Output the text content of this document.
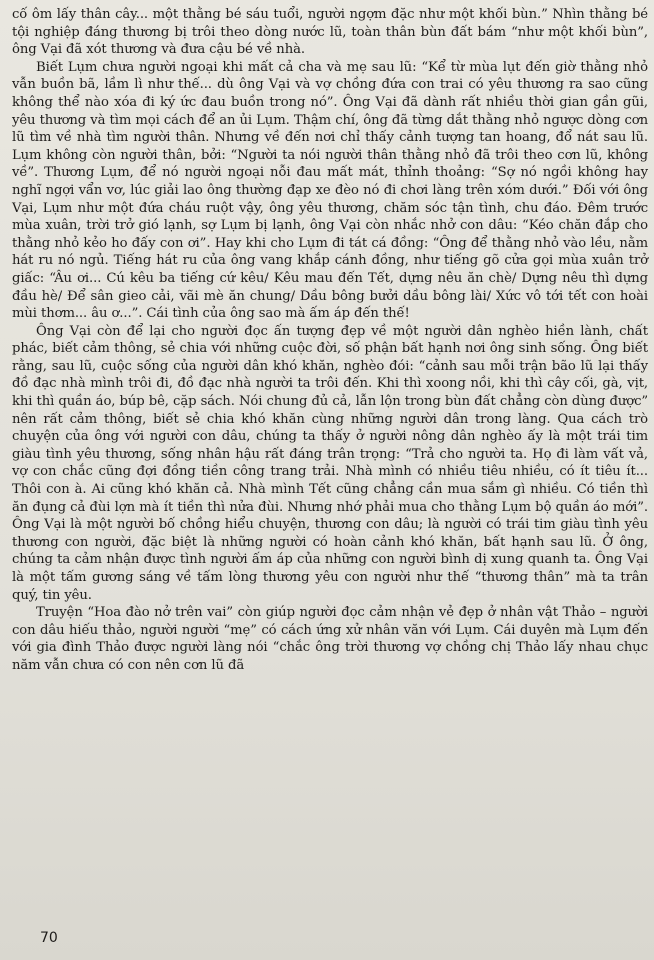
cố ôm lấy thân cây... một thằng bé sáu tuổi, người ngợm đặc như một khối bùn.” Nhìn thằng bé tội nghiệp đáng thương bị trôi theo dòng nước lũ, toàn thân bùn đất bám “như một khối bùn”, ông Vại đã xót thương và đưa cậu bé về nhà.

Biết Lụm chưa người ngoại khi mất cả cha và mẹ sau lũ: “Kể từ mùa lụt đến giờ thằng nhỏ vẫn buồn bã, lầm lì như thế... dù ông Vại và vợ chồng đứa con trai có yêu thương ra sao cũng không thể nào xóa đi ký ức đau buồn trong nó”. Ông Vại đã dành rất nhiều thời gian gần gũi, yêu thương và tìm mọi cách để an ủi Lụm. Thậm chí, ông đã từng dắt thằng nhỏ ngược dòng cơn lũ tìm về nhà tìm người thân. Nhưng về đến nơi chỉ thấy cảnh tượng tan hoang, đổ nát sau lũ. Lụm không còn người thân, bởi: “Người ta nói người thân thằng nhỏ đã trôi theo cơn lũ, không về”. Thương Lụm, để nó người ngoại nỗi đau mất mát, thỉnh thoảng: “Sợ nó ngồi không hay nghĩ ngợi vẩn vơ, lúc giải lao ông thường đạp xe đèo nó đi chơi làng trên xóm dưới.” Đối với ông Vại, Lụm như một đứa cháu ruột vậy, ông yêu thương, chăm sóc tận tình, chu đáo. Đêm trước mùa xuân, trời trở gió lạnh, sợ Lụm bị lạnh, ông Vại còn nhắc nhở con dâu: “Kéo chăn đắp cho thằng nhỏ kẻo ho đấy con ơi”. Hay khi cho Lụm đi tát cá đồng: “Ông để thằng nhỏ vào lều, nằm hát ru nó ngủ. Tiếng hát ru của ông vang khắp cánh đồng, như tiếng gõ cửa gọi mùa xuân trở giấc: “Âu ơi... Cú kêu ba tiếng cứ kêu/ Kêu mau đến Tết, dựng nêu ăn chè/ Dựng nêu thì dựng đầu hè/ Để sân gieo cải, vãi mè ăn chung/ Dầu bông bưởi dầu bông lài/ Xức vô tới tết con hoài mùi thơm... âu ơ...”. Cái tình của ông sao mà ấm áp đến thế!

Ông Vại còn để lại cho người đọc ấn tượng đẹp về một người dân nghèo hiền lành, chất phác, biết cảm thông, sẻ chia với những cuộc đời, số phận bất hạnh nơi ông sinh sống. Ông biết rằng, sau lũ, cuộc sống của người dân khó khăn, nghèo đói: “cảnh sau mỗi trận bão lũ lại thấy đồ đạc nhà mình trôi đi, đồ đạc nhà người ta trôi đến. Khi thì xoong nồi, khi thì cây cối, gà, vịt, khi thì quần áo, búp bê, cặp sách. Nói chung đủ cả, lẫn lộn trong bùn đất chẳng còn dùng được” nên rất cảm thông, biết sẻ chia khó khăn cùng những người dân trong làng. Qua cách trò chuyện của ông với người con dâu, chúng ta thấy ở người nông dân nghèo ấy là một trái tim giàu tình yêu thương, sống nhân hậu rất đáng trân trọng: “Trả cho người ta. Họ đi làm vất vả, vợ con chắc cũng đợi đồng tiền công trang trải. Nhà mình có nhiều tiêu nhiều, có ít tiêu ít... Thôi con à. Ai cũng khó khăn cả. Nhà mình Tết cũng chẳng cần mua sắm gì nhiều. Có tiền thì ăn đụng cả đùi lợn mà ít tiền thì nửa đùi. Nhưng nhớ phải mua cho thằng Lụm bộ quần áo mới”. Ông Vại là một người bố chồng hiểu chuyện, thương con dâu; là người có trái tim giàu tình yêu thương con người, đặc biệt là những người có hoàn cảnh khó khăn, bất hạnh sau lũ. Ở ông, chúng ta cảm nhận được tình người ấm áp của những con người bình dị xung quanh ta. Ông Vại là một tấm gương sáng về tấm lòng thương yêu con người như thế “thương thân” mà ta trân quý, tin yêu.

Truyện “Hoa đào nở trên vai” còn giúp người đọc cảm nhận vẻ đẹp ở nhân vật Thảo – người con dâu hiếu thảo, người người “mẹ” có cách ứng xử nhân văn với Lụm. Cái duyên mà Lụm đến với gia đình Thảo được người làng nói “chắc ông trời thương vợ chồng chị Thảo lấy nhau chục năm vẫn chưa có con nên cơn lũ đã

70
